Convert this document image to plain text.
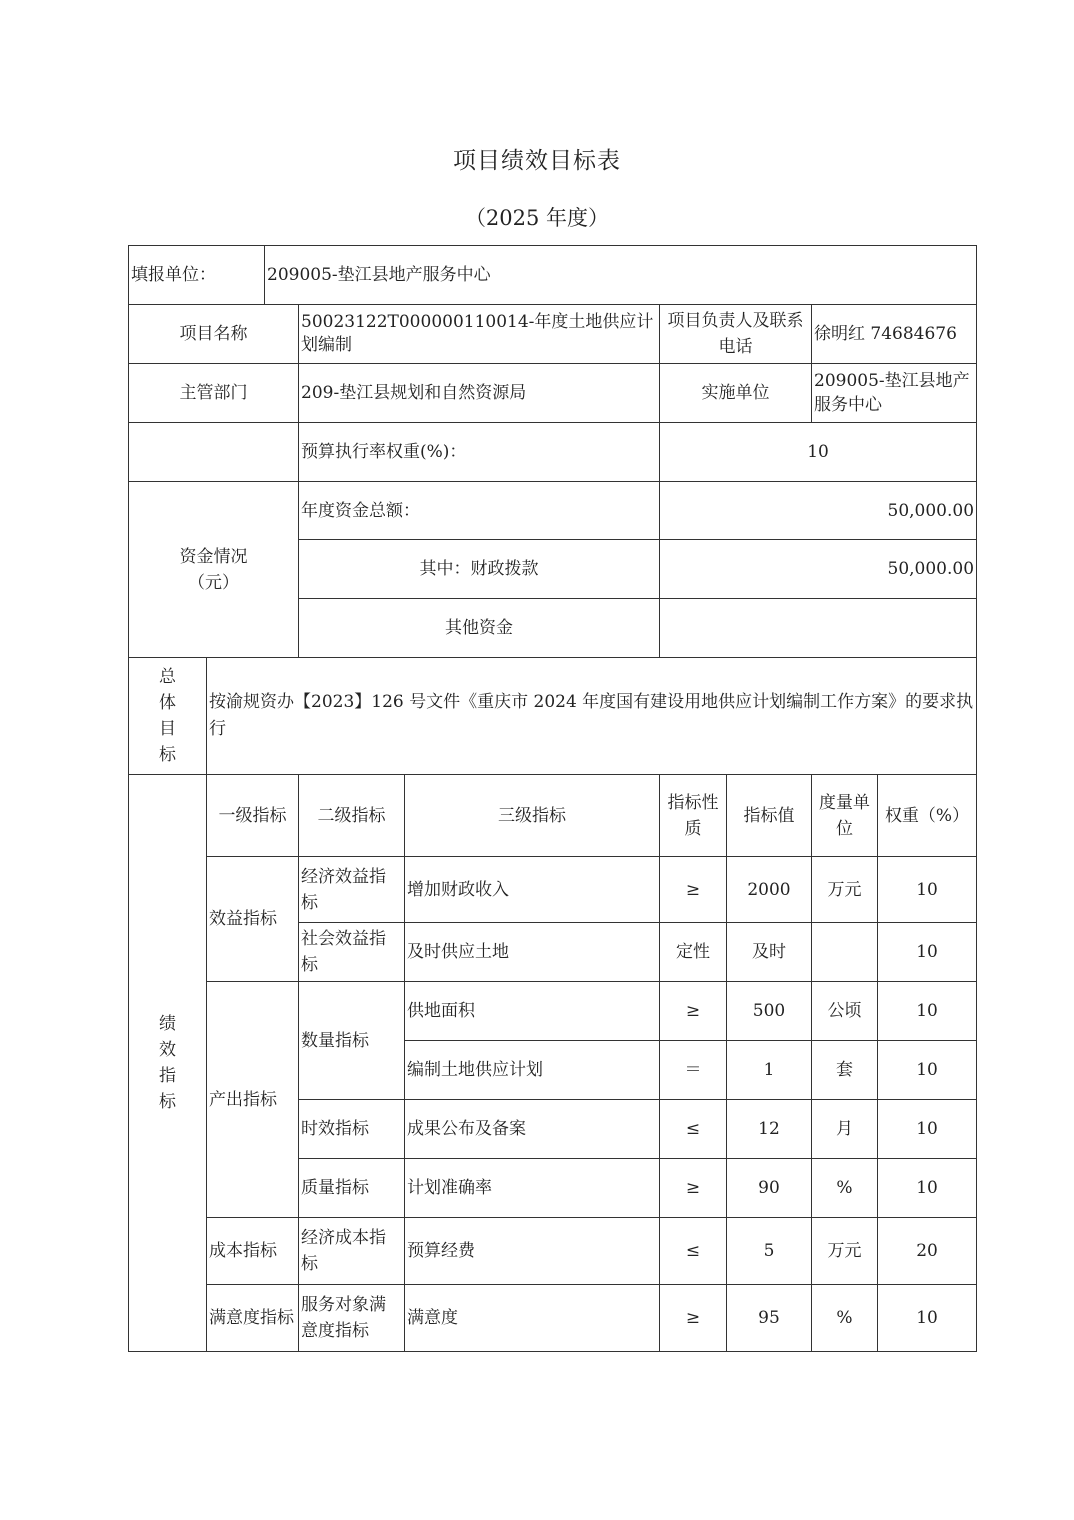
项目绩效目标表
（2025 年度）
填报单位：		209005-垫江县地产服务中心						
项目名称			50023122T000000110014-年度土地供应计划编制		项目负责人及联系电话		徐明红 74684676	
主管部门			209-垫江县规划和自然资源局		实施单位		209005-垫江县地产服务中心	
			预算执行率权重(%)：		10			
资金情况（元）			年度资金总额：		50,000.00			
			其中：财政拨款		50,000.00			
			其他资金					
总体目标	按渝规资办【2023】126 号文件《重庆市 2024 年度国有建设用地供应计划编制工作方案》的要求执行							
绩效指标	一级指标		二级指标	三级指标	指标性质	指标值	度量单位	权重（%）
	效益指标		经济效益指标	增加财政收入	≥	2000	万元	10
			社会效益指标	及时供应土地	定性	及时		10
	产出指标		数量指标	供地面积	≥	500	公顷	10
				编制土地供应计划	＝	1	套	10
			时效指标	成果公布及备案	≤	12	月	10
			质量指标	计划准确率	≥	90	%	10
	成本指标		经济成本指标	预算经费	≤	5	万元	20
	满意度指标		服务对象满意度指标	满意度	≥	95	%	10
